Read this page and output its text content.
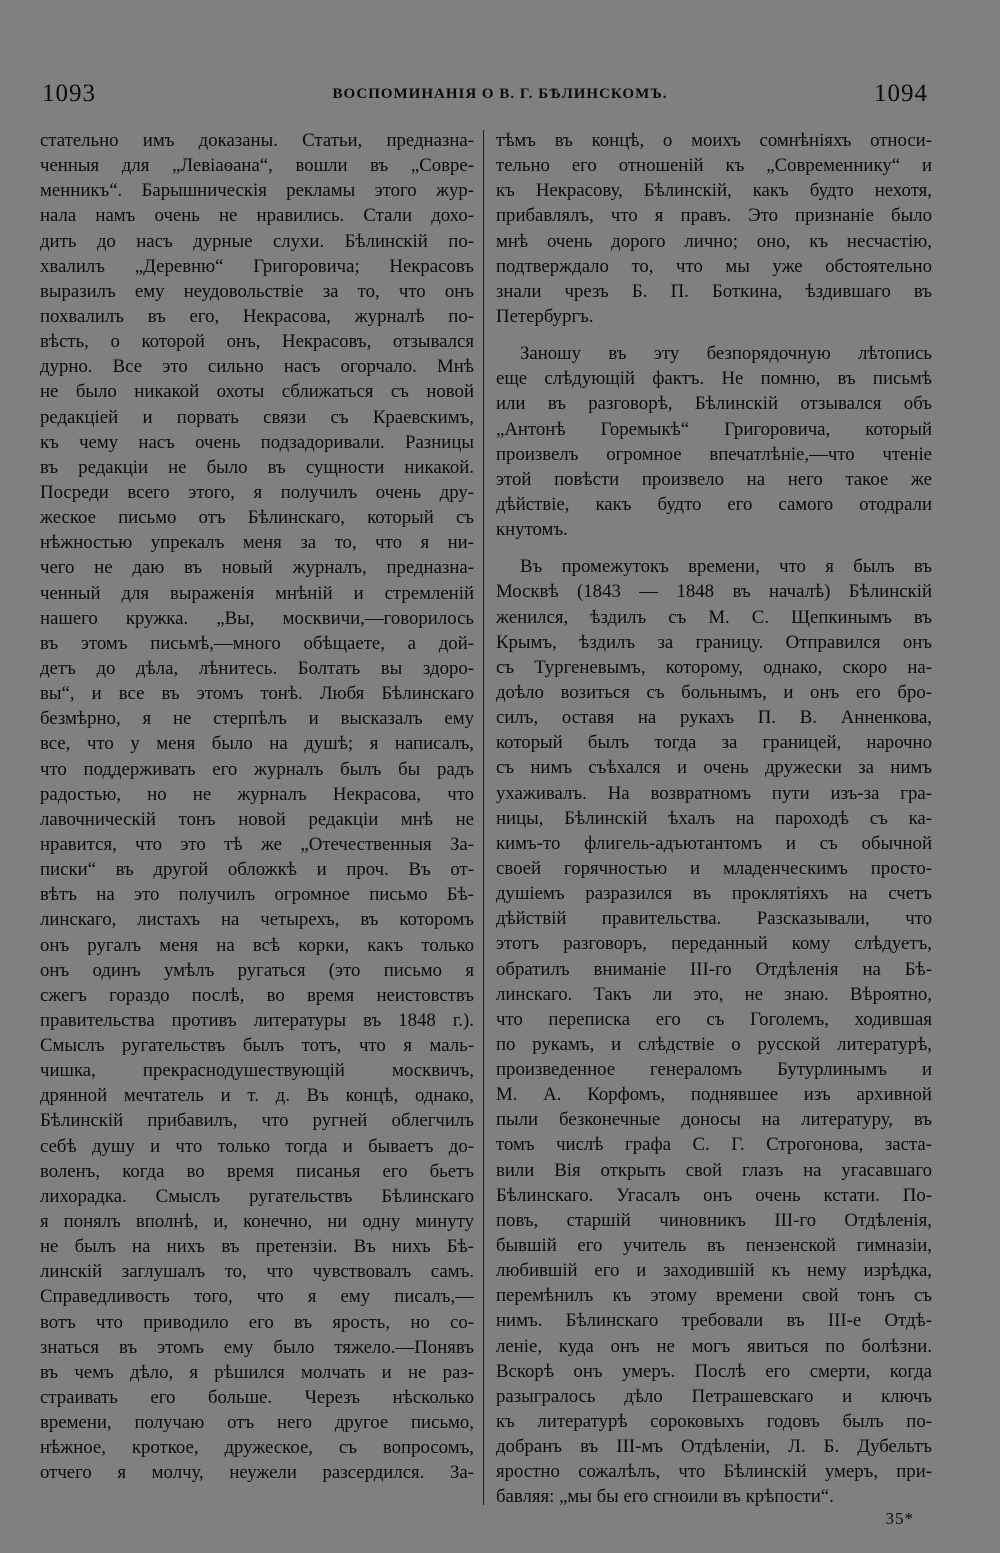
1093	ВОСПОМИНАНІЯ О В. Г. БѢЛИНСКОМЪ.	1094
стательно имъ доказаны. Статьи, предназна-
ченныя для „Левіаѳана“, вошли въ „Совре-
менникъ“. Барышническія рекламы этого жур-
нала намъ очень не нравились. Стали дохо-
дить до насъ дурные слухи. Бѣлинскій по-
хвалилъ „Деревню“ Григоровича; Некрасовъ
выразилъ ему неудовольствіе за то, что онъ
похвалилъ въ его, Некрасова, журналѣ по-
вѣсть, о которой онъ, Некрасовъ, отзывался
дурно. Все это сильно насъ огорчало. Мнѣ
не было никакой охоты сближаться съ новой
редакціей и порвать связи съ Краевскимъ,
къ чему насъ очень подзадоривали. Разницы
въ редакціи не было въ сущности никакой.
Посреди всего этого, я получилъ очень дру-
жеское письмо отъ Бѣлинскаго, который съ
нѣжностью упрекалъ меня за то, что я ни-
чего не даю въ новый журналъ, предназна-
ченный для выраженія мнѣній и стремленій
нашего кружка. „Вы, москвичи,—говорилось
въ этомъ письмѣ,—много обѣщаете, а дой-
детъ до дѣла, лѣнитесь. Болтать вы здоро-
вы“, и все въ этомъ тонѣ. Любя Бѣлинскаго
безмѣрно, я не стерпѣлъ и высказалъ ему
все, что у меня было на душѣ; я написалъ,
что поддерживать его журналъ былъ бы радъ
радостью, но не журналъ Некрасова, что
лавочническій тонъ новой редакціи мнѣ не
нравится, что это тѣ же „Отечественныя За-
писки“ въ другой обложкѣ и проч. Въ от-
вѣтъ на это получилъ огромное письмо Бѣ-
линскаго, листахъ на четырехъ, въ которомъ
онъ ругалъ меня на всѣ корки, какъ только
онъ одинъ умѣлъ ругаться (это письмо я
сжегъ гораздо послѣ, во время неистовствъ
правительства противъ литературы въ 1848 г.).
Смыслъ ругательствъ былъ тотъ, что я маль-
чишка, прекраснодушествующій москвичъ,
дрянной мечтатель и т. д. Въ концѣ, однако,
Бѣлинскій прибавилъ, что ругней облегчилъ
себѣ душу и что только тогда и бываетъ до-
воленъ, когда во время писанья его бьетъ
лихорадка. Смыслъ ругательствъ Бѣлинскаго
я понялъ вполнѣ, и, конечно, ни одну минуту
не былъ на нихъ въ претензіи. Въ нихъ Бѣ-
линскій заглушалъ то, что чувствовалъ самъ.
Справедливость того, что я ему писалъ,—
вотъ что приводило его въ ярость, но со-
знаться въ этомъ ему было тяжело.—Понявъ
въ чемъ дѣло, я рѣшился молчать и не раз-
страивать его больше. Черезъ нѣсколько
времени, получаю отъ него другое письмо,
нѣжное, кроткое, дружеское, съ вопросомъ,
отчего я молчу, неужели разсердился. За-
тѣмъ въ концѣ, о моихъ сомнѣніяхъ относи-
тельно его отношеній къ „Современнику“ и
къ Некрасову, Бѣлинскій, какъ будто нехотя,
прибавлялъ, что я правъ. Это признаніе было
мнѣ очень дорого лично; оно, къ несчастію,
подтверждало то, что мы уже обстоятельно
знали чрезъ Б. П. Боткина, ѣздившаго въ
Петербургъ.
Заношу въ эту безпорядочную лѣтопись
еще слѣдующій фактъ. Не помню, въ письмѣ
или въ разговорѣ, Бѣлинскій отзывался объ
„Антонѣ Горемыкѣ“ Григоровича, который
произвелъ огромное впечатлѣніе,—что чтеніе
этой повѣсти произвело на него такое же
дѣйствіе, какъ будто его самого отодрали
кнутомъ.
Въ промежутокъ времени, что я былъ въ
Москвѣ (1843 — 1848 въ началѣ) Бѣлинскій
женился, ѣздилъ съ М. С. Щепкинымъ въ
Крымъ, ѣздилъ за границу. Отправился онъ
съ Тургеневымъ, которому, однако, скоро на-
доѣло возиться съ больнымъ, и онъ его бро-
силъ, оставя на рукахъ П. В. Анненкова,
который былъ тогда за границей, нарочно
съ нимъ съѣхался и очень дружески за нимъ
ухаживалъ. На возвратномъ пути изъ-за гра-
ницы, Бѣлинскій ѣхалъ на пароходѣ съ ка-
кимъ-то флигель-адъютантомъ и съ обычной
своей горячностью и младенческимъ просто-
душіемъ разразился въ проклятіяхъ на счетъ
дѣйствій правительства. Разсказывали, что
этотъ разговоръ, переданный кому слѣдуетъ,
обратилъ вниманіе III-го Отдѣленія на Бѣ-
линскаго. Такъ ли это, не знаю. Вѣроятно,
что переписка его съ Гоголемъ, ходившая
по рукамъ, и слѣдствіе о русской литературѣ,
произведенное генераломъ Бутурлинымъ и
М. А. Корфомъ, поднявшее изъ архивной
пыли безконечные доносы на литературу, въ
томъ числѣ графа С. Г. Строгонова, заста-
вили Вія открыть свой глазъ на угасавшаго
Бѣлинскаго. Угасалъ онъ очень кстати. По-
повъ, старшій чиновникъ III-го Отдѣленія,
бывшій его учитель въ пензенской гимназіи,
любившій его и заходившій къ нему изрѣдка,
перемѣнилъ къ этому времени свой тонъ съ
нимъ. Бѣлинскаго требовали въ III-е Отдѣ-
леніе, куда онъ не могъ явиться по болѣзни.
Вскорѣ онъ умеръ. Послѣ его смерти, когда
разыгралось дѣло Петрашевскаго и ключъ
къ литературѣ сороковыхъ годовъ былъ по-
добранъ въ III-мъ Отдѣленіи, Л. Б. Дубельтъ
яростно сожалѣлъ, что Бѣлинскій умеръ, при-
бавляя: „мы бы его сгноили въ крѣпости“.
35*
